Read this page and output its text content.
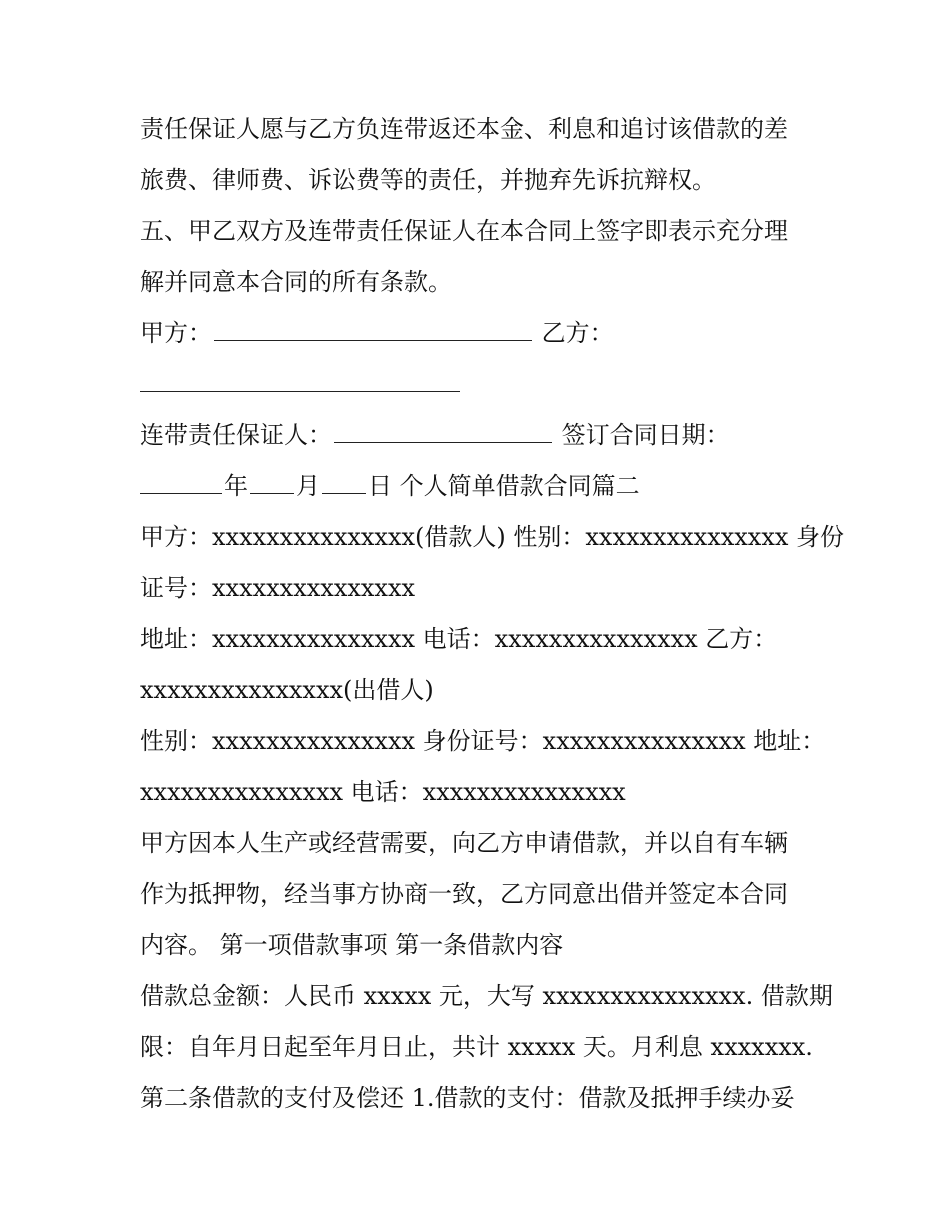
责任保证人愿与乙方负连带返还本金、利息和追讨该借款的差
旅费、律师费、诉讼费等的责任，并抛弃先诉抗辩权。
五、甲乙双方及连带责任保证人在本合同上签字即表示充分理
解并同意本合同的所有条款。
甲方：	乙方：
连带责任保证人：	签订合同日期：
年 月 日 个人简单借款合同篇二
甲方：xxxxxxxxxxxxxxx(借款人) 性别：xxxxxxxxxxxxxxx 身份
证号：xxxxxxxxxxxxxxx
地址：xxxxxxxxxxxxxxx 电话：xxxxxxxxxxxxxxx 乙方：
xxxxxxxxxxxxxxx(出借人)
性别：xxxxxxxxxxxxxxx 身份证号：xxxxxxxxxxxxxxx 地址：
xxxxxxxxxxxxxxx 电话：xxxxxxxxxxxxxxx
甲方因本人生产或经营需要，向乙方申请借款，并以自有车辆
作为抵押物，经当事方协商一致，乙方同意出借并签定本合同
内容。 第一项借款事项 第一条借款内容
借款总金额：人民币 xxxxx 元，大写 xxxxxxxxxxxxxxx. 借款期
限：自年月日起至年月日止，共计 xxxxx 天。月利息 xxxxxxx.
第二条借款的支付及偿还 1.借款的支付：借款及抵押手续办妥
